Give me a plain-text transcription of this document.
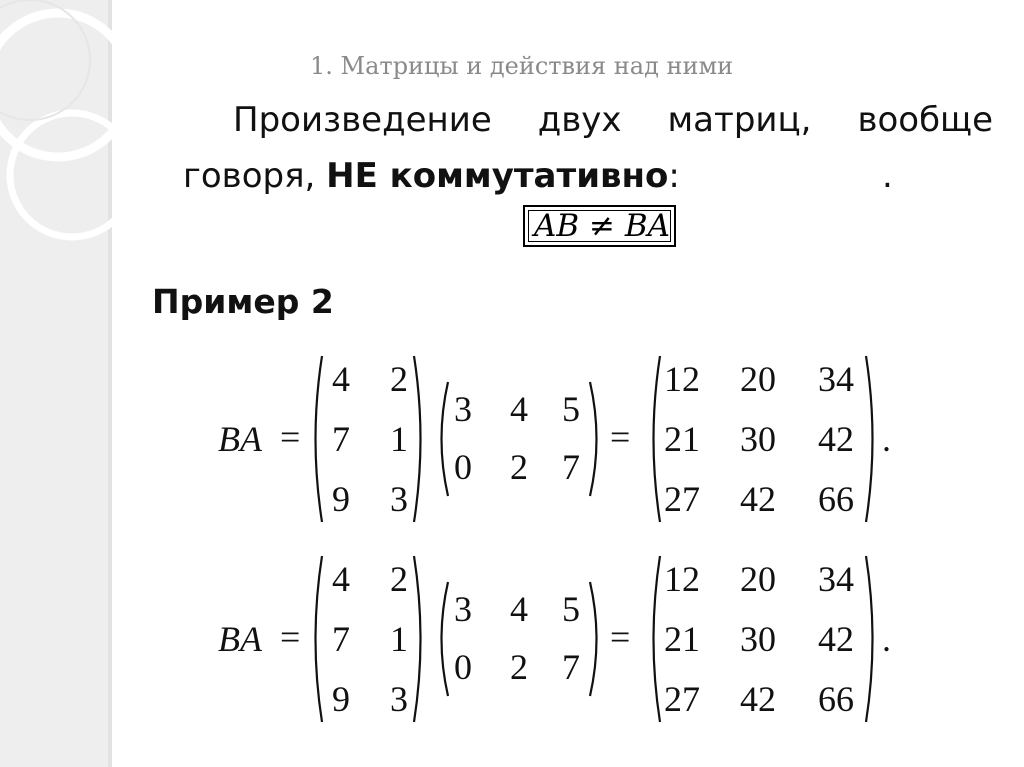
1. Матрицы и действия над ними
Произведение двух матриц, вообще
говоря, НЕ коммутативно:	.
AB ≠ BA
Пример 2
BA =
4 2
7 1
9 3
3 4 5
0 2 7
=
12 20 34
21 30 42
27 42 66
.
BA =
4 2
7 1
9 3
3 4 5
0 2 7
=
12 20 34
21 30 42
27 42 66
.
